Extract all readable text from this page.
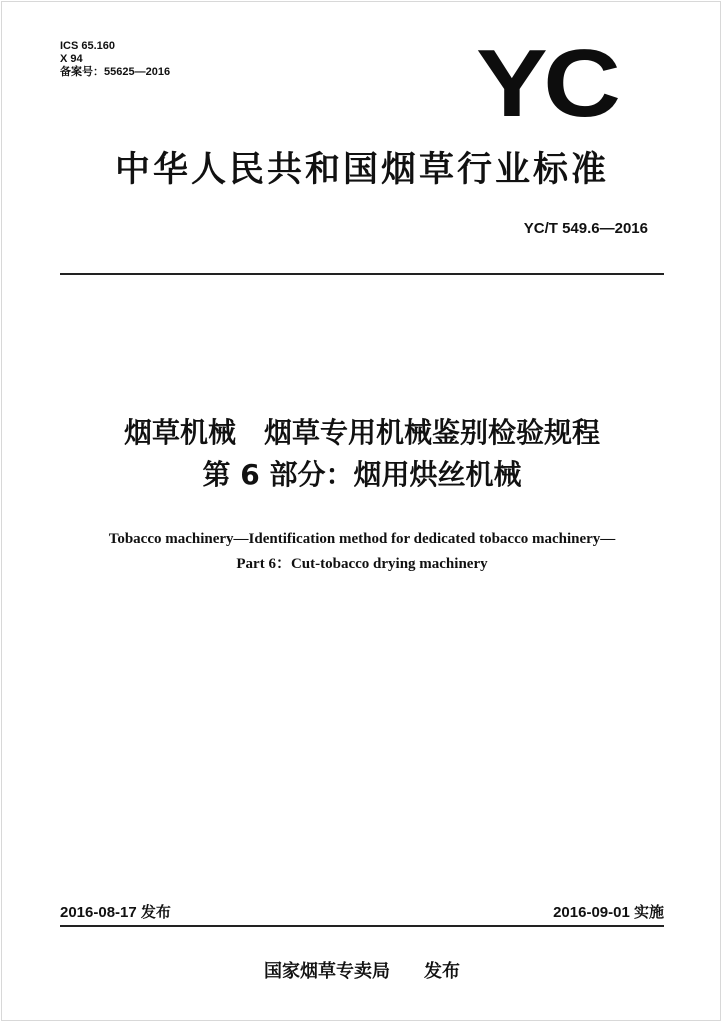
ICS 65.160
X 94
备案号：55625—2016	YC
中华人民共和国烟草行业标准
YC/T 549.6—2016
烟草机械　烟草专用机械鉴别检验规程
第 6 部分：烟用烘丝机械
Tobacco machinery—Identification method for dedicated tobacco machinery—
Part 6：Cut-tobacco drying machinery
2016-08-17 发布	2016-09-01 实施
国家烟草专卖局 发布
